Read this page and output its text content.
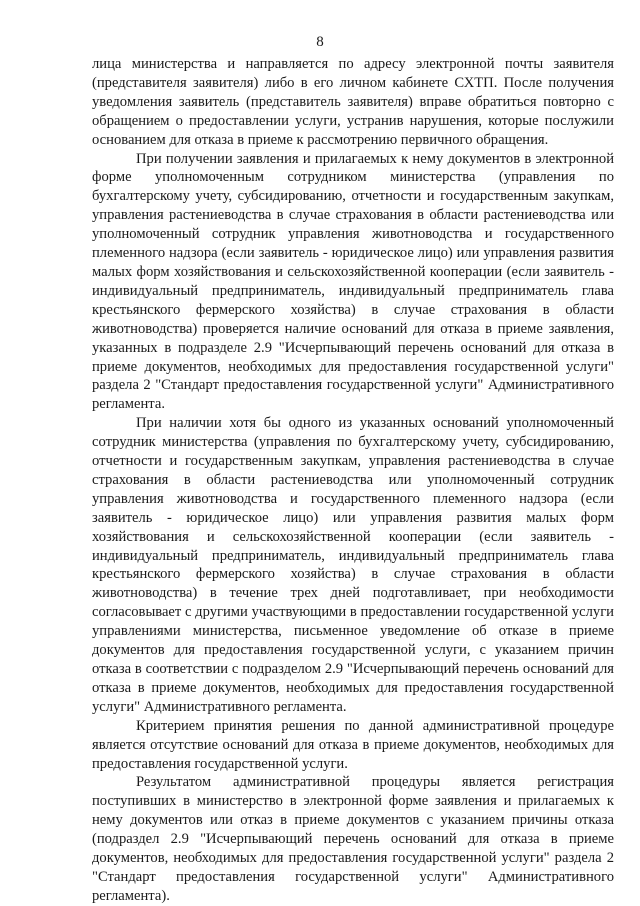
8

лица министерства и направляется по адресу электронной почты заявителя (представителя заявителя) либо в его личном кабинете СХТП. После получения уведомления заявитель (представитель заявителя) вправе обратиться повторно с обращением о предоставлении услуги, устранив нарушения, которые послужили основанием для отказа в приеме к рассмотрению первичного обращения.

При получении заявления и прилагаемых к нему документов в электронной форме уполномоченным сотрудником министерства (управления по бухгалтерскому учету, субсидированию, отчетности и государственным закупкам, управления растениеводства в случае страхования в области растениеводства или уполномоченный сотрудник управления животноводства и государственного племенного надзора (если заявитель - юридическое лицо) или управления развития малых форм хозяйствования и сельскохозяйственной кооперации (если заявитель - индивидуальный предприниматель, индивидуальный предприниматель глава крестьянского фермерского хозяйства) в случае страхования в области животноводства) проверяется наличие оснований для отказа в приеме заявления, указанных в подразделе 2.9 "Исчерпывающий перечень оснований для отказа в приеме документов, необходимых для предоставления государственной услуги" раздела 2 "Стандарт предоставления государственной услуги" Административного регламента.

При наличии хотя бы одного из указанных оснований уполномоченный сотрудник министерства (управления по бухгалтерскому учету, субсидированию, отчетности и государственным закупкам, управления растениеводства в случае страхования в области растениеводства или уполномоченный сотрудник управления животноводства и государственного племенного надзора (если заявитель - юридическое лицо) или управления развития малых форм хозяйствования и сельскохозяйственной кооперации (если заявитель - индивидуальный предприниматель, индивидуальный предприниматель глава крестьянского фермерского хозяйства) в случае страхования в области животноводства) в течение трех дней подготавливает, при необходимости согласовывает с другими участвующими в предоставлении государственной услуги управлениями министерства, письменное уведомление об отказе в приеме документов для предоставления государственной услуги, с указанием причин отказа в соответствии с подразделом 2.9 "Исчерпывающий перечень оснований для отказа в приеме документов, необходимых для предоставления государственной услуги" Административного регламента.

Критерием принятия решения по данной административной процедуре является отсутствие оснований для отказа в приеме документов, необходимых для предоставления государственной услуги.

Результатом административной процедуры является регистрация поступивших в министерство в электронной форме заявления и прилагаемых к нему документов или отказ в приеме документов с указанием причины отказа (подраздел 2.9 "Исчерпывающий перечень оснований для отказа в приеме документов, необходимых для предоставления государственной услуги" раздела 2 "Стандарт предоставления государственной услуги" Административного регламента).
